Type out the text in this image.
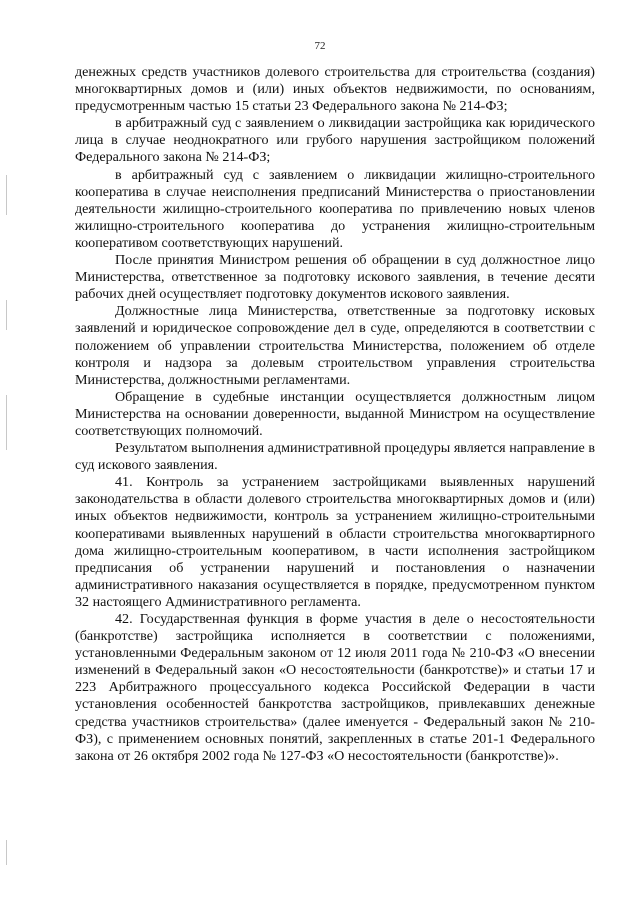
72

денежных средств участников долевого строительства для строительства (создания) многоквартирных домов и (или) иных объектов недвижимости, по основаниям, предусмотренным частью 15 статьи 23 Федерального закона № 214-ФЗ;

в арбитражный суд с заявлением о ликвидации застройщика как юридического лица в случае неоднократного или грубого нарушения застройщиком положений Федерального закона № 214-ФЗ;

в арбитражный суд с заявлением о ликвидации жилищно-строительного кооператива в случае неисполнения предписаний Министерства о приостановлении деятельности жилищно-строительного кооператива по привлечению новых членов жилищно-строительного кооператива до устранения жилищно-строительным кооперативом соответствующих нарушений.

После принятия Министром решения об обращении в суд должностное лицо Министерства, ответственное за подготовку искового заявления, в течение десяти рабочих дней осуществляет подготовку документов искового заявления.

Должностные лица Министерства, ответственные за подготовку исковых заявлений и юридическое сопровождение дел в суде, определяются в соответствии с положением об управлении строительства Министерства, положением об отделе контроля и надзора за долевым строительством управления строительства Министерства, должностными регламентами.

Обращение в судебные инстанции осуществляется должностным лицом Министерства на основании доверенности, выданной Министром на осуществление соответствующих полномочий.

Результатом выполнения административной процедуры является направление в суд искового заявления.

41. Контроль за устранением застройщиками выявленных нарушений законодательства в области долевого строительства многоквартирных домов и (или) иных объектов недвижимости, контроль за устранением жилищно-строительными кооперативами выявленных нарушений в области строительства многоквартирного дома жилищно-строительным кооперативом, в части исполнения застройщиком предписания об устранении нарушений и постановления о назначении административного наказания осуществляется в порядке, предусмотренном пунктом 32 настоящего Административного регламента.

42. Государственная функция в форме участия в деле о несостоятельности (банкротстве) застройщика исполняется в соответствии с положениями, установленными Федеральным законом от 12 июля 2011 года № 210-ФЗ «О внесении изменений в Федеральный закон «О несостоятельности (банкротстве)» и статьи 17 и 223 Арбитражного процессуального кодекса Российской Федерации в части установления особенностей банкротства застройщиков, привлекавших денежные средства участников строительства» (далее именуется - Федеральный закон № 210-ФЗ), с применением основных понятий, закрепленных в статье 201-1 Федерального закона от 26 октября 2002 года № 127-ФЗ «О несостоятельности (банкротстве)».
